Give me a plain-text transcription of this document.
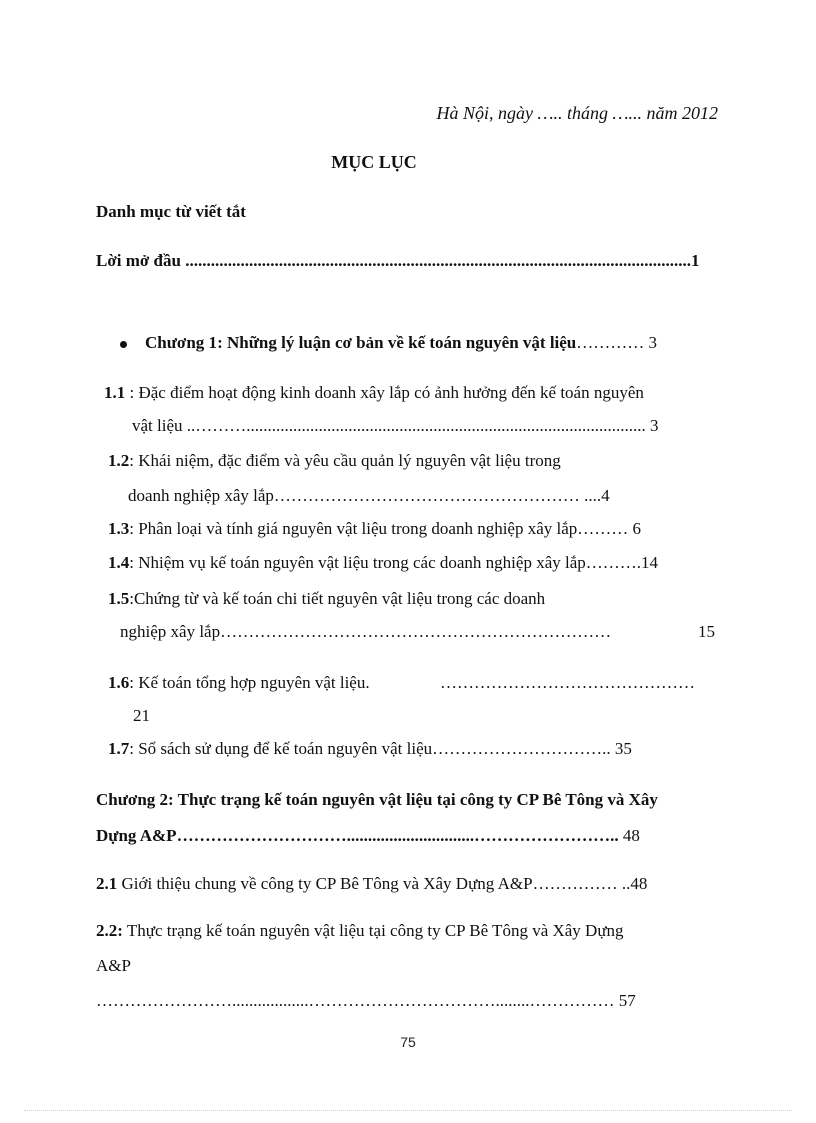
Hà Nội, ngày ….. tháng …... năm 2012
MỤC LỤC
Danh mục từ viết tắt
Lời mở đầu .......................................................................................................................1
Chương 1: Những lý luận cơ bản về kế toán nguyên vật liệu………… 3
1.1 : Đặc điểm hoạt động kinh doanh xây lắp có ảnh hưởng đến kế toán nguyên
vật liệu ..……….............................................................................................. 3
1.2: Khái niệm, đặc điểm và yêu cầu quản lý nguyên vật liệu trong
doanh nghiệp xây lắp……………………………………………… ....4
1.3: Phân loại và tính giá nguyên vật liệu trong doanh nghiệp xây lắp……… 6
1.4: Nhiệm vụ kế toán nguyên vật liệu trong các doanh nghiệp xây lắp……….14
1.5:Chứng từ và kế toán chi tiết nguyên vật liệu trong các doanh
nghiệp xây lắp……………………………………………………………	15
1.6: Kế toán tổng hợp nguyên vật liệu.	………………………………………
21
1.7: Sổ sách sử dụng để kế toán nguyên vật liệu………………………….. 35
Chương 2: Thực trạng kế toán nguyên vật liệu tại công ty CP Bê Tông và Xây
Dựng A&P…………………………..............................…………………….. 48
2.1 Giới thiệu chung về công ty CP Bê Tông và Xây Dựng A&P…………… ..48
2.2: Thực trạng kế toán nguyên vật liệu tại công ty CP Bê Tông và Xây Dựng
A&P
……………………..................……………………………........…………… 57
75
